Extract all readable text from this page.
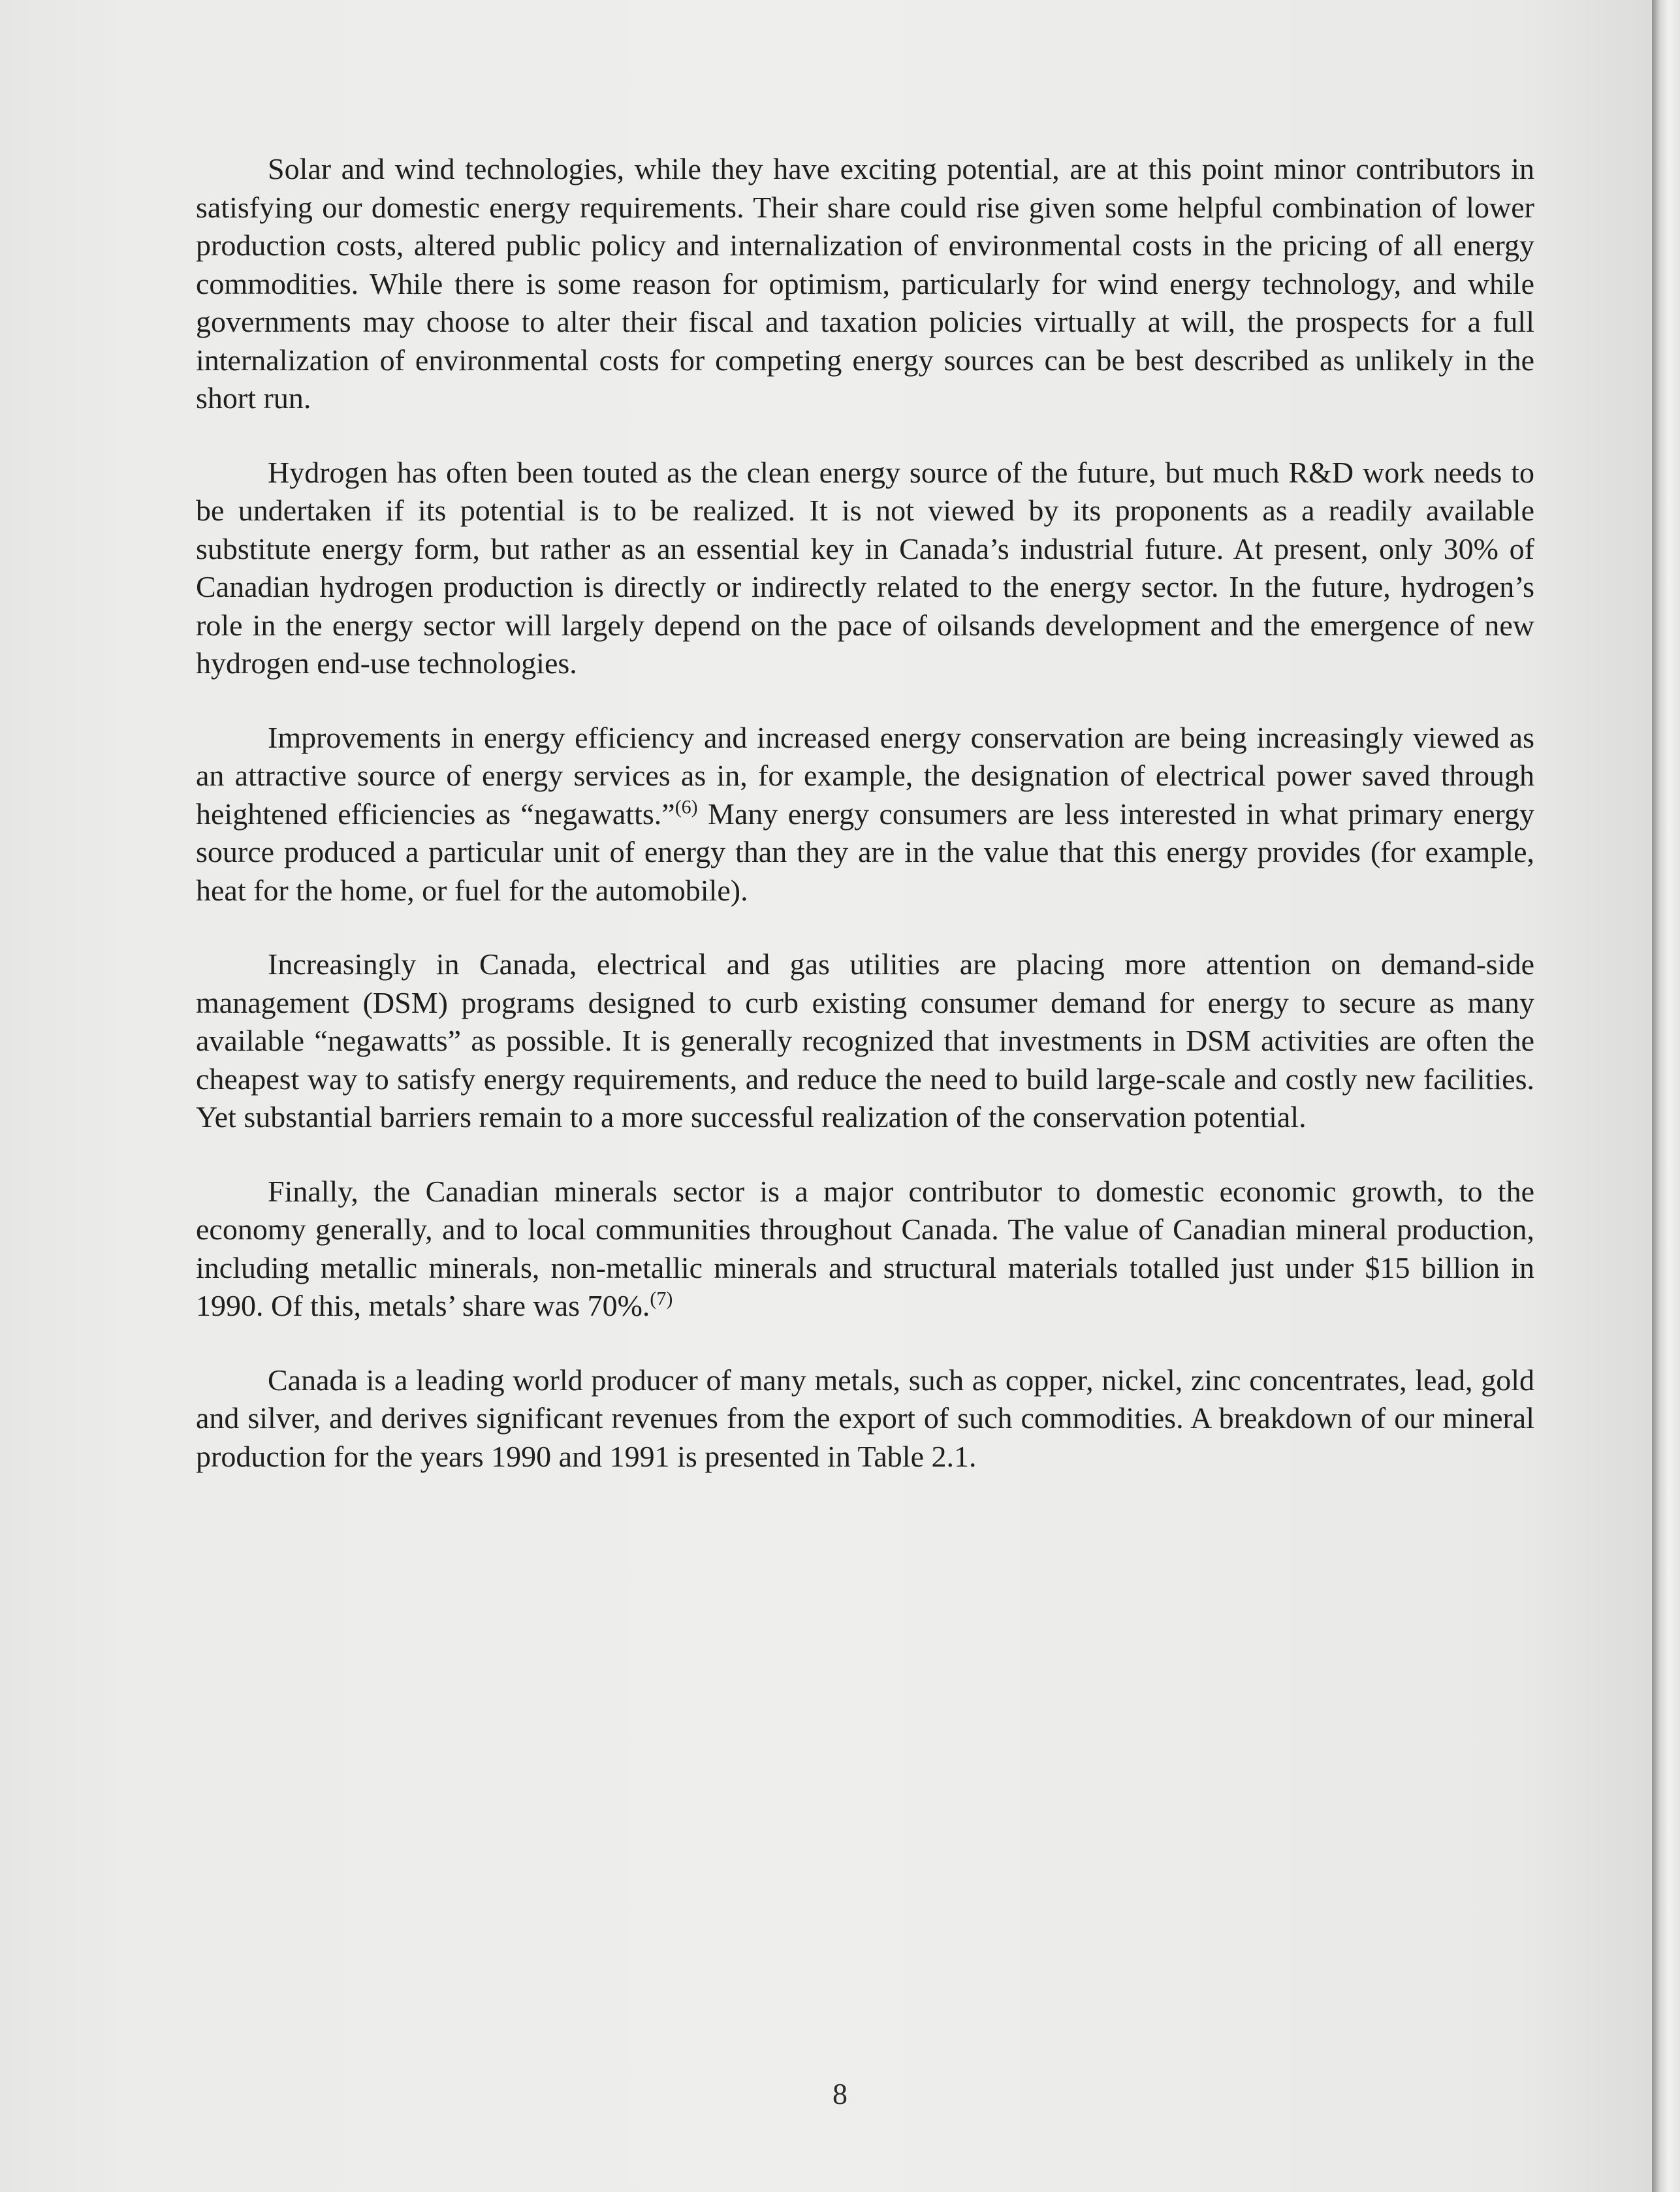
Solar and wind technologies, while they have exciting potential, are at this point minor contributors in satisfying our domestic energy requirements. Their share could rise given some helpful combination of lower production costs, altered public policy and internalization of environmental costs in the pricing of all energy commodities. While there is some reason for optimism, particularly for wind energy technology, and while governments may choose to alter their fiscal and taxation policies virtually at will, the prospects for a full internalization of environmental costs for competing energy sources can be best described as unlikely in the short run.

Hydrogen has often been touted as the clean energy source of the future, but much R&D work needs to be undertaken if its potential is to be realized. It is not viewed by its proponents as a readily available substitute energy form, but rather as an essential key in Canada’s industrial future. At present, only 30% of Canadian hydrogen production is directly or indirectly related to the energy sector. In the future, hydrogen’s role in the energy sector will largely depend on the pace of oilsands development and the emergence of new hydrogen end-use technologies.

Improvements in energy efficiency and increased energy conservation are being increasingly viewed as an attractive source of energy services as in, for example, the designation of electrical power saved through heightened efficiencies as “negawatts.”$^{(6)}$ Many energy consumers are less interested in what primary energy source produced a particular unit of energy than they are in the value that this energy provides (for example, heat for the home, or fuel for the automobile).

Increasingly in Canada, electrical and gas utilities are placing more attention on demand-side management (DSM) programs designed to curb existing consumer demand for energy to secure as many available “negawatts” as possible. It is generally recognized that investments in DSM activities are often the cheapest way to satisfy energy requirements, and reduce the need to build large-scale and costly new facilities. Yet substantial barriers remain to a more successful realization of the conservation potential.

Finally, the Canadian minerals sector is a major contributor to domestic economic growth, to the economy generally, and to local communities throughout Canada. The value of Canadian mineral production, including metallic minerals, non-metallic minerals and structural materials totalled just under $15 billion in 1990. Of this, metals’ share was 70%.$^{(7)}$

Canada is a leading world producer of many metals, such as copper, nickel, zinc concentrates, lead, gold and silver, and derives significant revenues from the export of such commodities. A breakdown of our mineral production for the years 1990 and 1991 is presented in Table 2.1.

8
